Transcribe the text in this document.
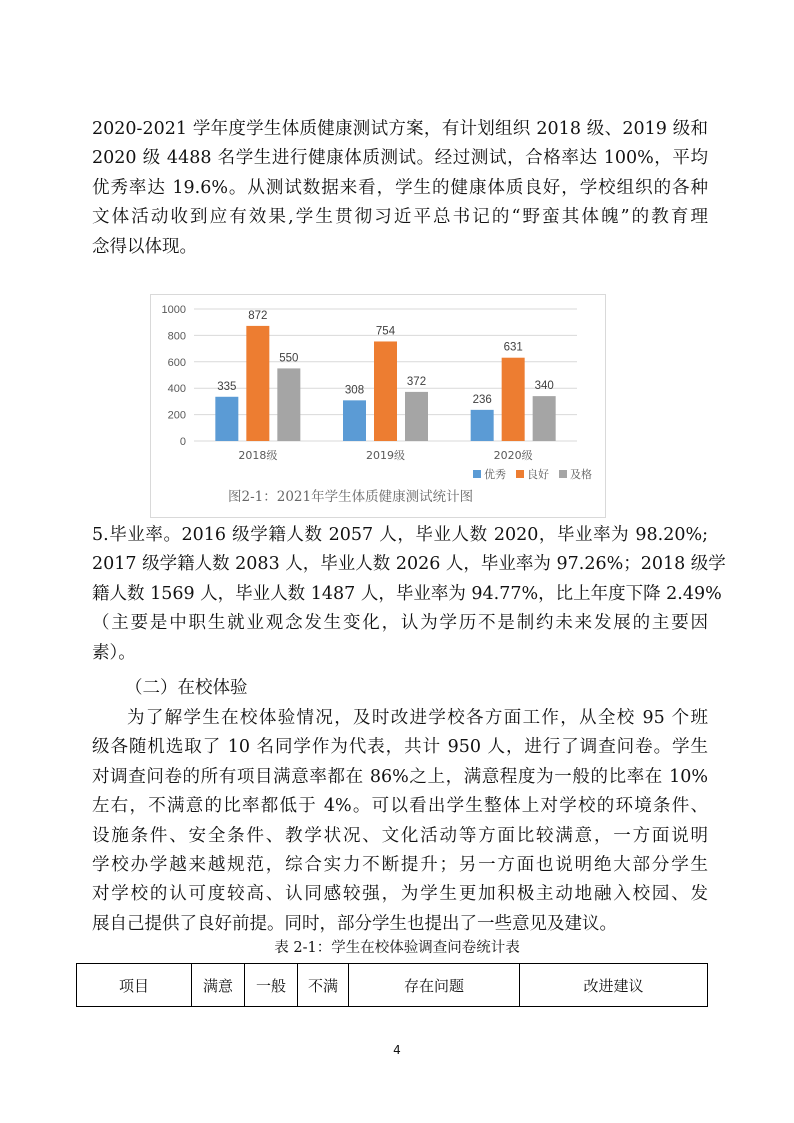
2020-2021 学年度学生体质健康测试方案，有计划组织 2018 级、2019 级和
2020 级 4488 名学生进行健康体质测试。经过测试，合格率达 100%，平均
优秀率达 19.6%。从测试数据来看，学生的健康体质良好，学校组织的各种
文体活动收到应有效果,学生贯彻习近平总书记的“野蛮其体魄”的教育理
念得以体现。
0
200
400
600
800
1000
335
872
550
2018级
308
754
372
2019级
236
631
340
2020级
优秀 良好 及格
图2-1：2021年学生体质健康测试统计图
5.毕业率。2016 级学籍人数 2057 人，毕业人数 2020，毕业率为 98.20%;
2017 级学籍人数 2083 人，毕业人数 2026 人，毕业率为 97.26%；2018 级学
籍人数 1569 人，毕业人数 1487 人，毕业率为 94.77%，比上年度下降 2.49%
（主要是中职生就业观念发生变化，认为学历不是制约未来发展的主要因
素）。
（二）在校体验
为了解学生在校体验情况，及时改进学校各方面工作，从全校 95 个班
级各随机选取了 10 名同学作为代表，共计 950 人，进行了调查问卷。学生
对调查问卷的所有项目满意率都在 86%之上，满意程度为一般的比率在 10%
左右，不满意的比率都低于 4%。可以看出学生整体上对学校的环境条件、
设施条件、安全条件、教学状况、文化活动等方面比较满意，一方面说明
学校办学越来越规范，综合实力不断提升；另一方面也说明绝大部分学生
对学校的认可度较高、认同感较强，为学生更加积极主动地融入校园、发
展自己提供了良好前提。同时，部分学生也提出了一些意见及建议。
表 2-1：学生在校体验调查问卷统计表
项目	满意	一般	不满	存在问题	改进建议
4
